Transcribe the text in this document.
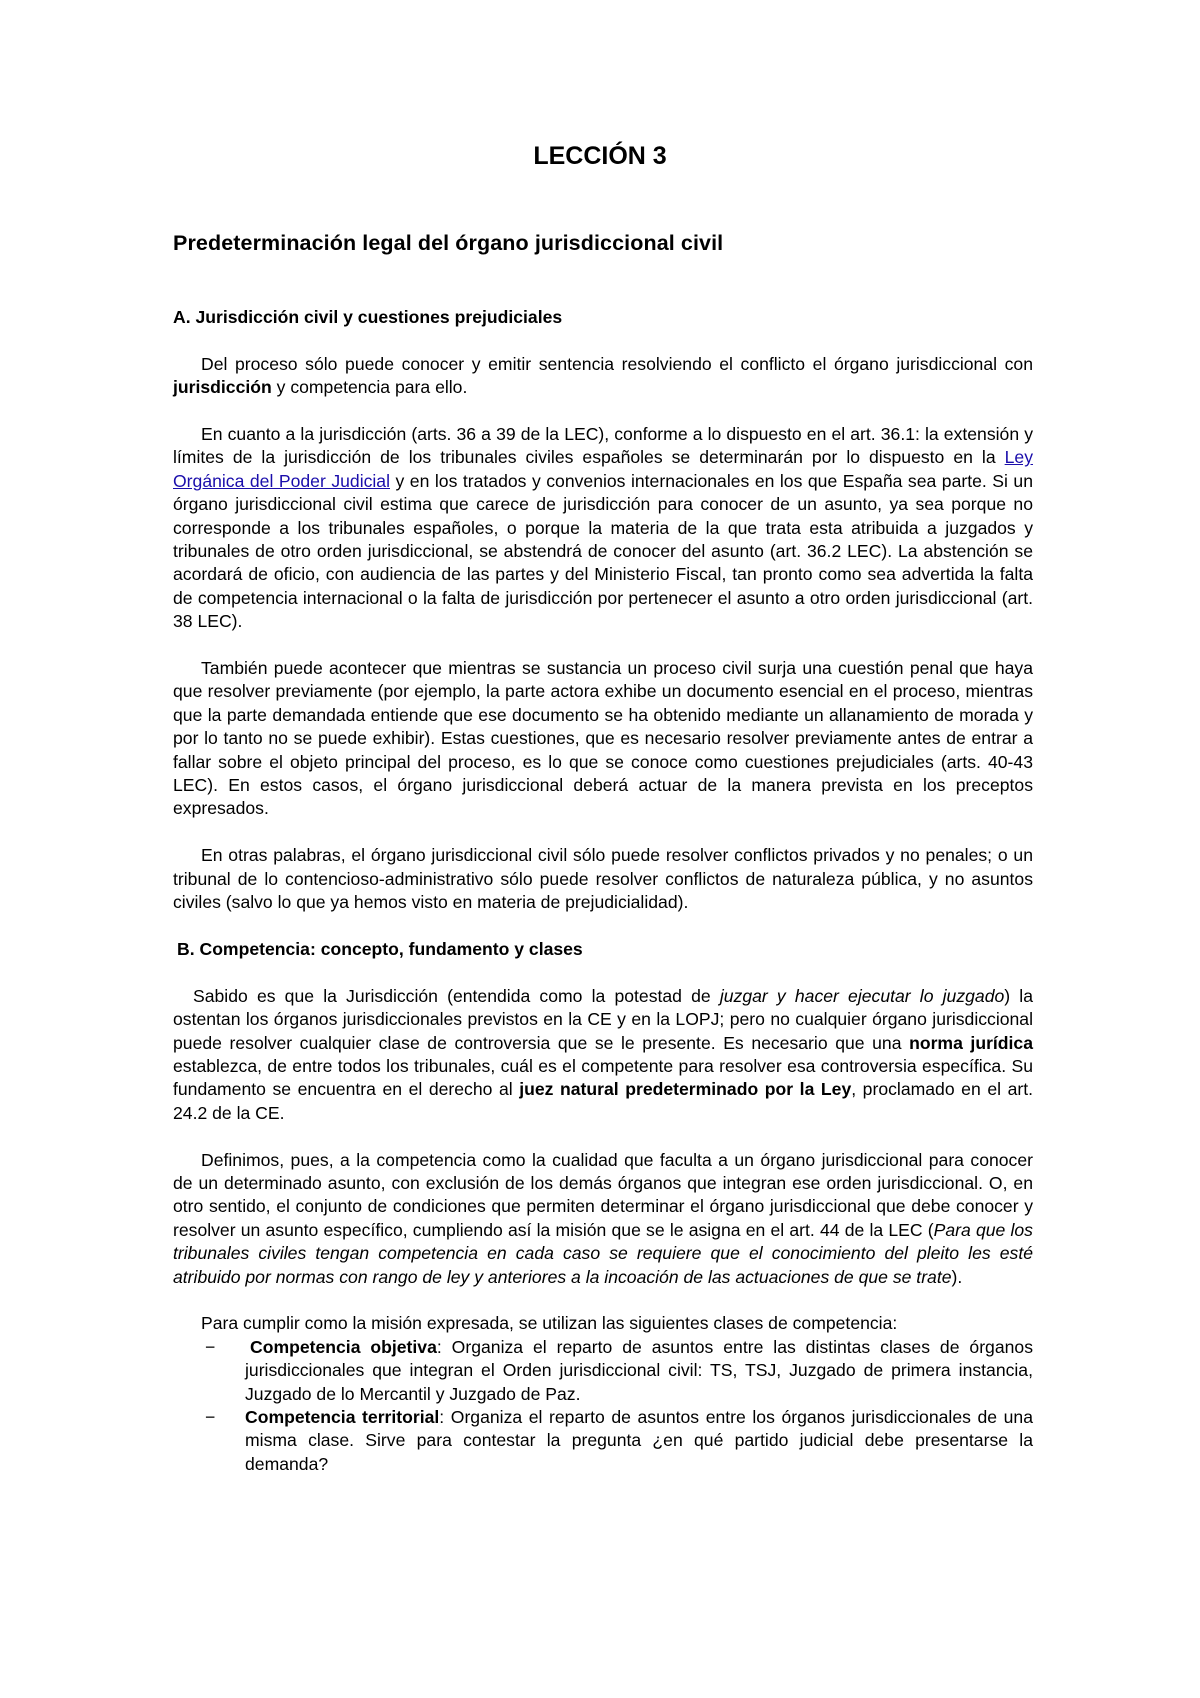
LECCIÓN 3
Predeterminación legal del órgano jurisdiccional civil
A. Jurisdicción civil y cuestiones prejudiciales

Del proceso sólo puede conocer y emitir sentencia resolviendo el conflicto el órgano jurisdiccional con jurisdicción y competencia para ello.

En cuanto a la jurisdicción (arts. 36 a 39 de la LEC), conforme a lo dispuesto en el art. 36.1: la extensión y límites de la jurisdicción de los tribunales civiles españoles se determinarán por lo dispuesto en la Ley Orgánica del Poder Judicial y en los tratados y convenios internacionales en los que España sea parte. Si un órgano jurisdiccional civil estima que carece de jurisdicción para conocer de un asunto, ya sea porque no corresponde a los tribunales españoles, o porque la materia de la que trata esta atribuida a juzgados y tribunales de otro orden jurisdiccional, se abstendrá de conocer del asunto (art. 36.2 LEC). La abstención se acordará de oficio, con audiencia de las partes y del Ministerio Fiscal, tan pronto como sea advertida la falta de competencia internacional o la falta de jurisdicción por pertenecer el asunto a otro orden jurisdiccional (art. 38 LEC).

También puede acontecer que mientras se sustancia un proceso civil surja una cuestión penal que haya que resolver previamente (por ejemplo, la parte actora exhibe un documento esencial en el proceso, mientras que la parte demandada entiende que ese documento se ha obtenido mediante un allanamiento de morada y por lo tanto no se puede exhibir). Estas cuestiones, que es necesario resolver previamente antes de entrar a fallar sobre el objeto principal del proceso, es lo que se conoce como cuestiones prejudiciales (arts. 40-43 LEC). En estos casos, el órgano jurisdiccional deberá actuar de la manera prevista en los preceptos expresados.

En otras palabras, el órgano jurisdiccional civil sólo puede resolver conflictos privados y no penales; o un tribunal de lo contencioso-administrativo sólo puede resolver conflictos de naturaleza pública, y no asuntos civiles (salvo lo que ya hemos visto en materia de prejudicialidad).

B. Competencia: concepto, fundamento y clases

Sabido es que la Jurisdicción (entendida como la potestad de juzgar y hacer ejecutar lo juzgado) la ostentan los órganos jurisdiccionales previstos en la CE y en la LOPJ; pero no cualquier órgano jurisdiccional puede resolver cualquier clase de controversia que se le presente. Es necesario que una norma jurídica establezca, de entre todos los tribunales, cuál es el competente para resolver esa controversia específica. Su fundamento se encuentra en el derecho al juez natural predeterminado por la Ley, proclamado en el art. 24.2 de la CE.

Definimos, pues, a la competencia como la cualidad que faculta a un órgano jurisdiccional para conocer de un determinado asunto, con exclusión de los demás órganos que integran ese orden jurisdiccional. O, en otro sentido, el conjunto de condiciones que permiten determinar el órgano jurisdiccional que debe conocer y resolver un asunto específico, cumpliendo así la misión que se le asigna en el art. 44 de la LEC (Para que los tribunales civiles tengan competencia en cada caso se requiere que el conocimiento del pleito les esté atribuido por normas con rango de ley y anteriores a la incoación de las actuaciones de que se trate).

Para cumplir como la misión expresada, se utilizan las siguientes clases de competencia:

− Competencia objetiva: Organiza el reparto de asuntos entre las distintas clases de órganos jurisdiccionales que integran el Orden jurisdiccional civil: TS, TSJ, Juzgado de primera instancia, Juzgado de lo Mercantil y Juzgado de Paz.
− Competencia territorial: Organiza el reparto de asuntos entre los órganos jurisdiccionales de una misma clase. Sirve para contestar la pregunta ¿en qué partido judicial debe presentarse la demanda?
